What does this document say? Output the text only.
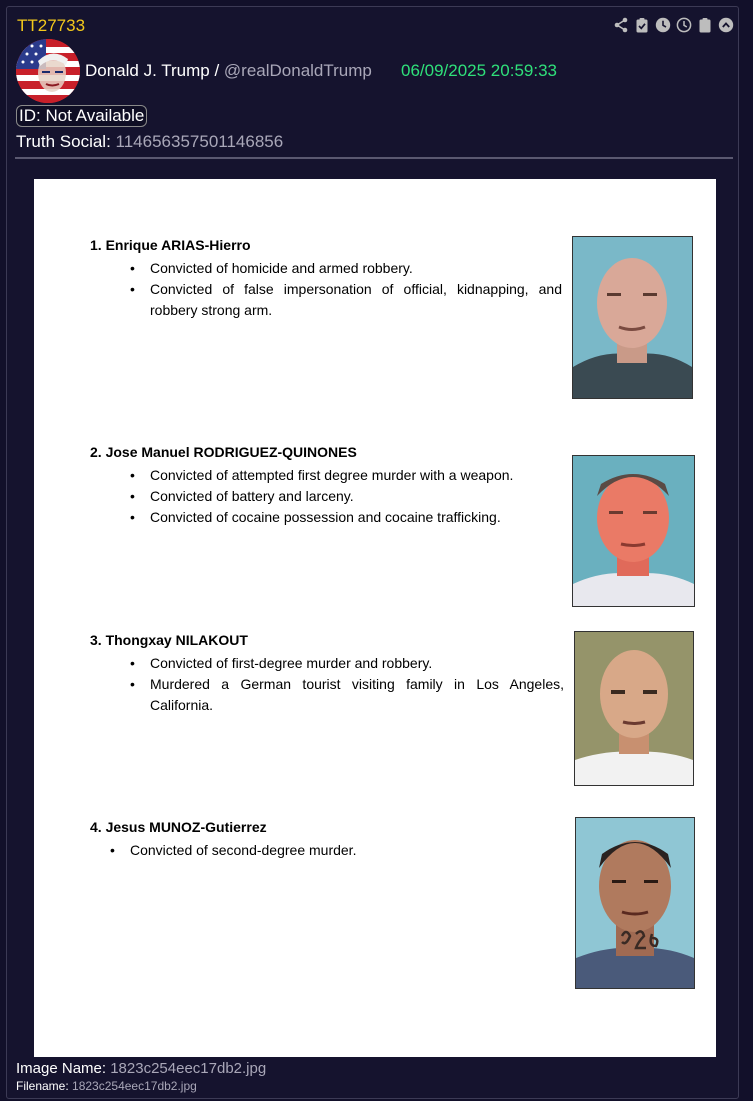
TT27733
Donald J. Trump / @realDonaldTrump 06/09/2025 20:59:33
ID: Not Available
Truth Social: 114656357501146856
1. Enrique ARIAS-Hierro
• Convicted of homicide and armed robbery.
• Convicted of false impersonation of official, kidnapping, and robbery strong arm.
2. Jose Manuel RODRIGUEZ-QUINONES
• Convicted of attempted first degree murder with a weapon.
• Convicted of battery and larceny.
• Convicted of cocaine possession and cocaine trafficking.
3. Thongxay NILAKOUT
• Convicted of first-degree murder and robbery.
• Murdered a German tourist visiting family in Los Angeles, California.
4. Jesus MUNOZ-Gutierrez
• Convicted of second-degree murder.
Image Name: 1823c254eec17db2.jpg
Filename: 1823c254eec17db2.jpg
